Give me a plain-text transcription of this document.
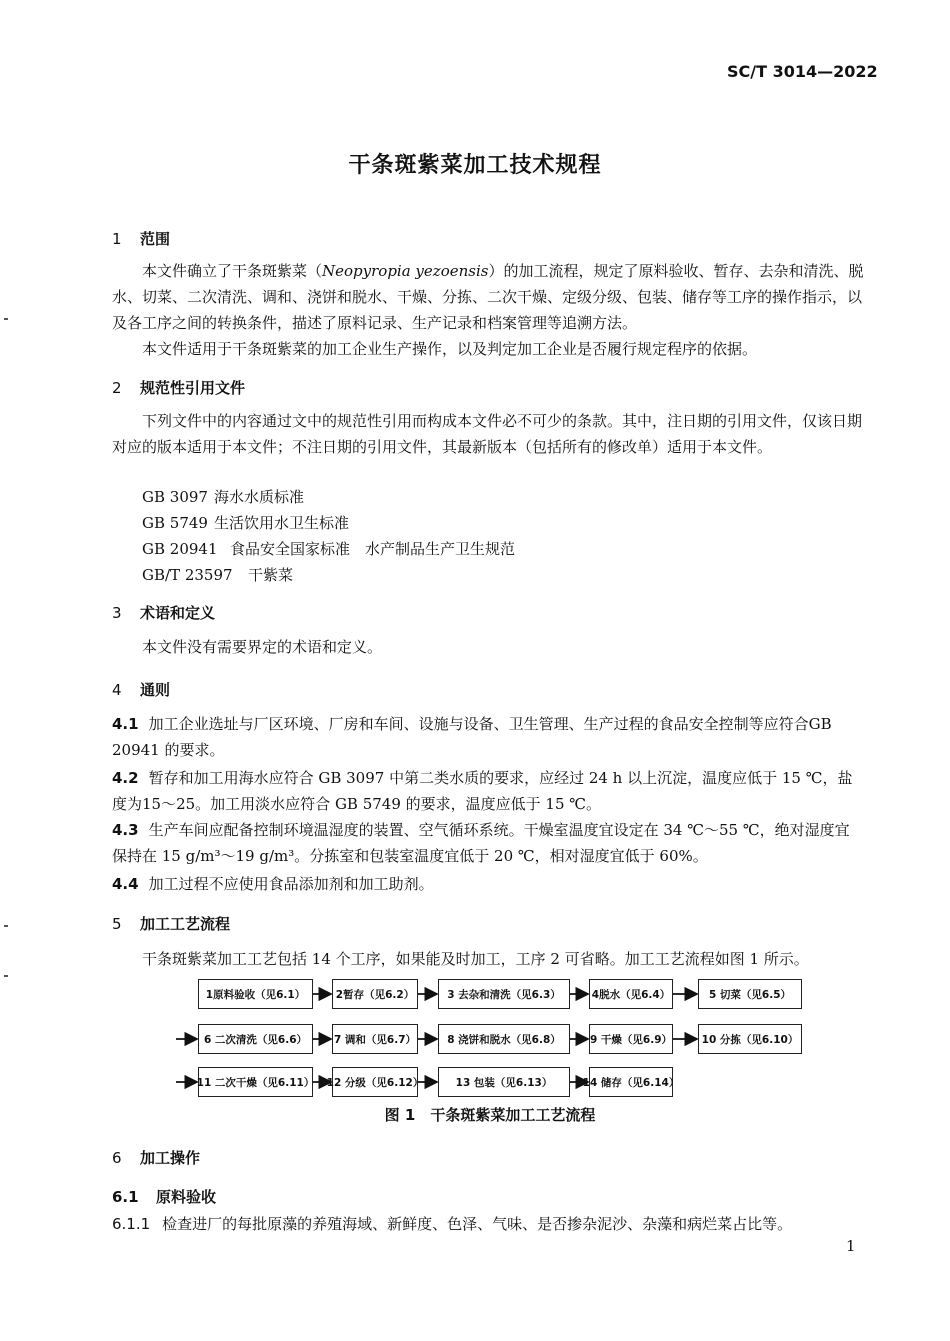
SC/T 3014—2022
干条斑紫菜加工技术规程
1 范围
本文件确立了干条斑紫菜（Neopyropia yezoensis）的加工流程，规定了原料验收、暂存、去杂和清洗、脱水、切菜、二次清洗、调和、浇饼和脱水、干燥、分拣、二次干燥、定级分级、包装、储存等工序的操作指示，以及各工序之间的转换条件，描述了原料记录、生产记录和档案管理等追溯方法。
本文件适用于干条斑紫菜的加工企业生产操作，以及判定加工企业是否履行规定程序的依据。
2 规范性引用文件
下列文件中的内容通过文中的规范性引用而构成本文件必不可少的条款。其中，注日期的引用文件，仅该日期对应的版本适用于本文件；不注日期的引用文件，其最新版本（包括所有的修改单）适用于本文件。
GB 3097 海水水质标准
GB 5749 生活饮用水卫生标准
GB 20941 食品安全国家标准　水产制品生产卫生规范
GB/T 23597 干紫菜
3 术语和定义
本文件没有需要界定的术语和定义。
4 通则
4.1 加工企业选址与厂区环境、厂房和车间、设施与设备、卫生管理、生产过程的食品安全控制等应符合GB 20941 的要求。
4.2 暂存和加工用海水应符合 GB 3097 中第二类水质的要求，应经过 24 h 以上沉淀，温度应低于 15 ℃，盐度为15～25。加工用淡水应符合 GB 5749 的要求，温度应低于 15 ℃。
4.3 生产车间应配备控制环境温湿度的装置、空气循环系统。干燥室温度宜设定在 34 ℃～55 ℃，绝对湿度宜保持在 15 g/m³～19 g/m³。分拣室和包装室温度宜低于 20 ℃，相对湿度宜低于 60%。
4.4 加工过程不应使用食品添加剂和加工助剂。
5 加工工艺流程
干条斑紫菜加工工艺包括 14 个工序，如果能及时加工，工序 2 可省略。加工工艺流程如图 1 所示。
1原料验收（见6.1）	2暂存（见6.2）	3 去杂和清洗（见6.3）	4脱水（见6.4）	5 切菜（见6.5）
6 二次清洗（见6.6）	7 调和（见6.7）	8 浇饼和脱水（见6.8）	9 干燥（见6.9）	10 分拣（见6.10）
11 二次干燥（见6.11） 12 分级（见6.12）	13 包装（见6.13）	14 储存（见6.14）
图 1　干条斑紫菜加工工艺流程
6 加工操作
6.1 原料验收
6.1.1 检查进厂的每批原藻的养殖海域、新鲜度、色泽、气味、是否掺杂泥沙、杂藻和病烂菜占比等。
1
